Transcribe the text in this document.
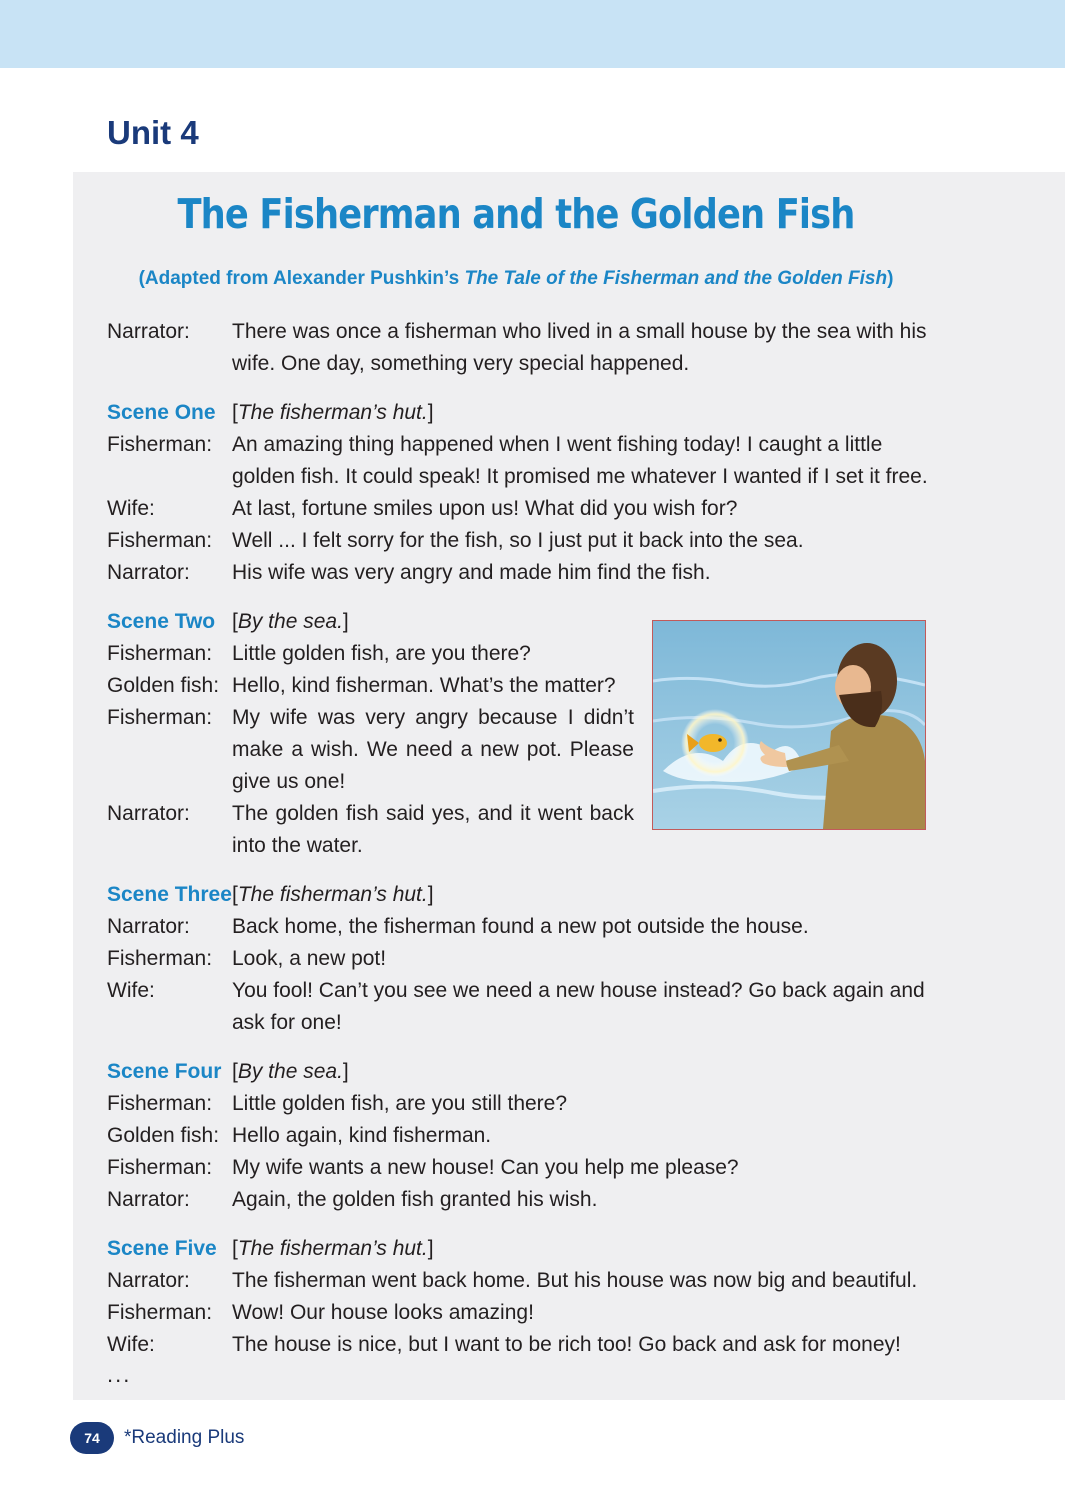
Unit 4
The Fisherman and the Golden Fish

(Adapted from Alexander Pushkin’s The Tale of the Fisherman and the Golden Fish)

Narrator:	There was once a fisherman who lived in a small house by the sea with his wife. One day, something very special happened.
Scene One [The fisherman’s hut.]
Fisherman: An amazing thing happened when I went fishing today! I caught a little golden fish. It could speak! It promised me whatever I wanted if I set it free.
Wife:	At last, fortune smiles upon us! What did you wish for?
Fisherman: Well ... I felt sorry for the fish, so I just put it back into the sea.
Narrator:	His wife was very angry and made him find the fish.
Scene Two [By the sea.]
Fisherman: Little golden fish, are you there?
Golden fish: Hello, kind fisherman. What’s the matter?
Fisherman: My wife was very angry because I didn’t make a wish. We need a new pot. Please give us one!
Narrator:	The golden fish said yes, and it went back into the water.
Scene Three [The fisherman’s hut.]
Narrator:	Back home, the fisherman found a new pot outside the house.
Fisherman: Look, a new pot!
Wife:	You fool! Can’t you see we need a new house instead? Go back again and ask for one!
Scene Four [By the sea.]
Fisherman: Little golden fish, are you still there?
Golden fish: Hello again, kind fisherman.
Fisherman: My wife wants a new house! Can you help me please?
Narrator:	Again, the golden fish granted his wish.
Scene Five [The fisherman’s hut.]
Narrator:	The fisherman went back home. But his house was now big and beautiful.
Fisherman: Wow! Our house looks amazing!
Wife:	The house is nice, but I want to be rich too! Go back and ask for money!
...
74	*Reading Plus
